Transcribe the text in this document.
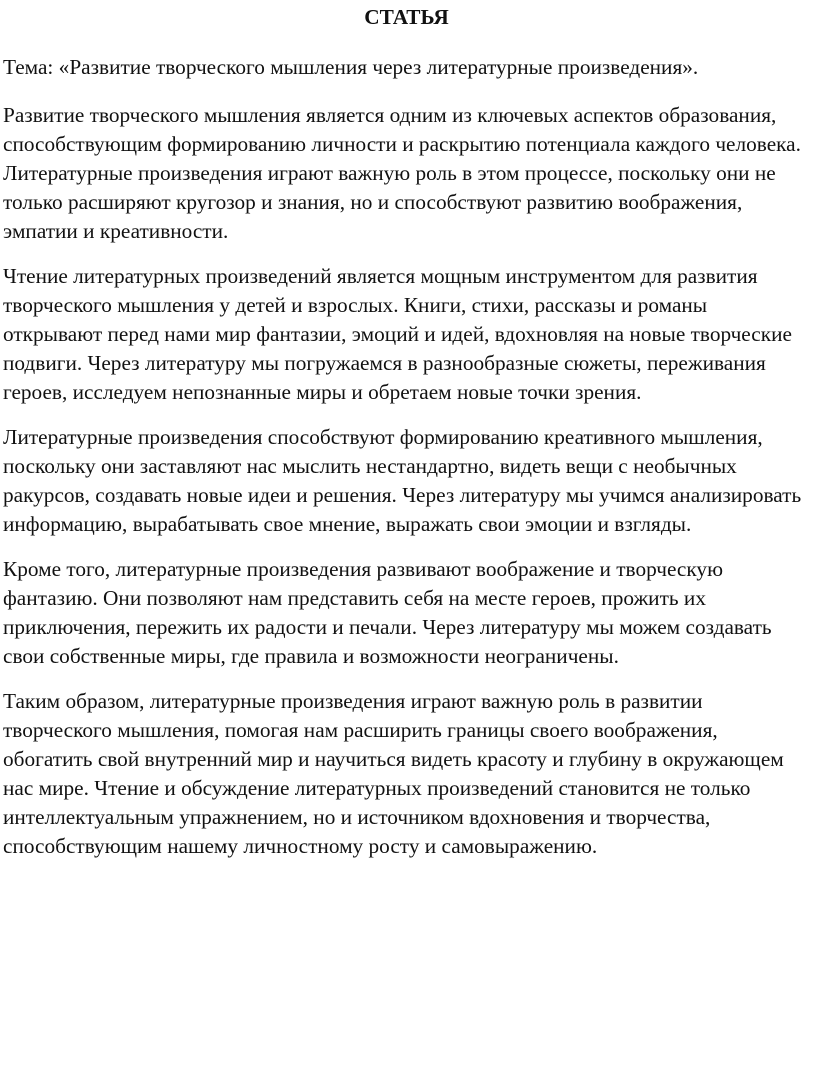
СТАТЬЯ

Тема: «Развитие творческого мышления через литературные произведения».

Развитие творческого мышления является одним из ключевых аспектов образования, способствующим формированию личности и раскрытию потенциала каждого человека. Литературные произведения играют важную роль в этом процессе, поскольку они не только расширяют кругозор и знания, но и способствуют развитию воображения, эмпатии и креативности.

Чтение литературных произведений является мощным инструментом для развития творческого мышления у детей и взрослых. Книги, стихи, рассказы и романы открывают перед нами мир фантазии, эмоций и идей, вдохновляя на новые творческие подвиги. Через литературу мы погружаемся в разнообразные сюжеты, переживания героев, исследуем непознанные миры и обретаем новые точки зрения.

Литературные произведения способствуют формированию креативного мышления, поскольку они заставляют нас мыслить нестандартно, видеть вещи с необычных ракурсов, создавать новые идеи и решения. Через литературу мы учимся анализировать информацию, вырабатывать свое мнение, выражать свои эмоции и взгляды.

Кроме того, литературные произведения развивают воображение и творческую фантазию. Они позволяют нам представить себя на месте героев, прожить их приключения, пережить их радости и печали. Через литературу мы можем создавать свои собственные миры, где правила и возможности неограничены.

Таким образом, литературные произведения играют важную роль в развитии творческого мышления, помогая нам расширить границы своего воображения, обогатить свой внутренний мир и научиться видеть красоту и глубину в окружающем нас мире. Чтение и обсуждение литературных произведений становится не только интеллектуальным упражнением, но и источником вдохновения и творчества, способствующим нашему личностному росту и самовыражению.
